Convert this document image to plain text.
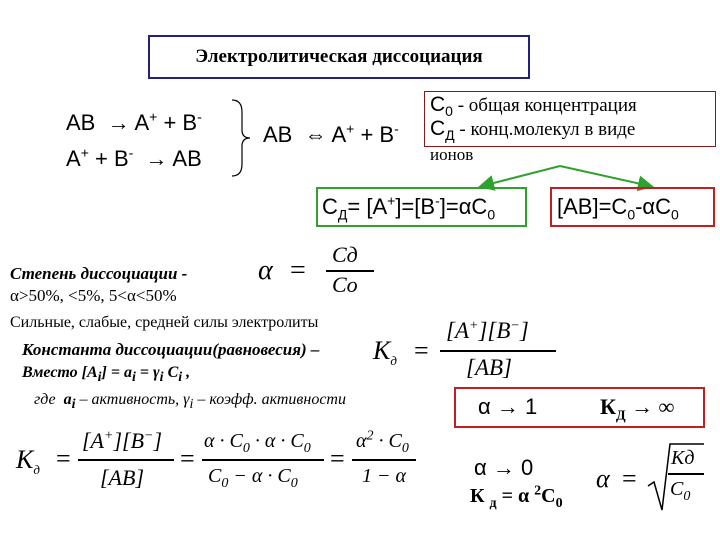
Электролитическая диссоциация
AB  → A+ + B-
A+ + B-  → AB
AB  ⇔ A+ + B-
$С_0$ - общая концентрация
$С_Д$ - конц.молекул в виде
ионов
$С_Д= [A^+]=[B^-]=\alpha С_0$	$[AB]=С_0-\alpha С_0$
Степень диссоциации -
α>50%, <5%, 5<α<50%
Сильные, слабые, средней силы электролиты
α =
Cд
Co
Константа диссоциации(равновесия) – $K_д$ =
[A+][B−]
[AB]
Вместо [Ai] = ai = γi Ci ,
где  ai – активность, γi – коэфф. активности	α → 1	$К_Д$ → ∞
$K_д$ =
[A+][B−]
[AB]
=
$\alpha \cdot C_0 \cdot \alpha \cdot C_0$
$C_0 - \alpha \cdot C_0$
=
$\alpha^2 \cdot C_0$
1 − α	α → 0
К $_д$ = α $^2С_0$
α =
Kд
$C_0$
